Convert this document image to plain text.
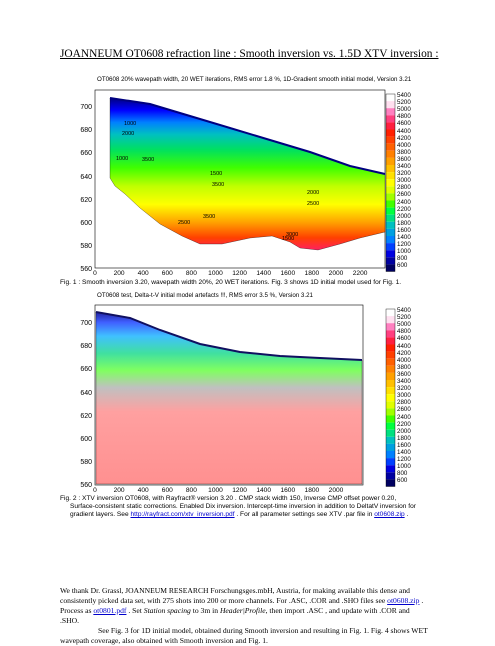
JOANNEUM OT0608 refraction line : Smooth inversion vs. 1.5D XTV inversion :
OT0608 20% wavepath width, 20 WET iterations, RMS error 1.8 %, 1D-Gradient smooth initial model, Version 3.21
700
680
660
640
620
600
580
560
0	200	400	600	800	1000	1200	1400	1600	1800	2000	2200
5400
5200
5000
4800
4600
4400
4200
4000
3800
3600
3400
3200
3000
2800
2600
2400
2200
2000
1800
1600
1400
1200
1000
800
600
1000
2000
1000
2500
3500
1500
3500
1500
2000
3500
2500
3000
Fig. 1 : Smooth inversion 3.20, wavepath width 20%, 20 WET iterations. Fig. 3 shows 1D initial model used for Fig. 1.
OT0608 test, Delta-t-V initial model artefacts !!!, RMS error 3.5 %, Version 3.21
700
680
660
640
620
600
580
560
0	200	400	600	800	1000	1200	1400	1600	1800	2000
5400
5200
5000
4800
4600
4400
4200
4000
3800
3600
3400
3200
3000
2800
2600
2400
2200
2000
1800
1600
1400
1200
1000
800
600
Fig. 2 : XTV inversion OT0608, with Rayfract® version 3.20 . CMP stack width 150, Inverse CMP offset power 0.20,
Surface-consistent static corrections. Enabled Dix inversion. Intercept-time inversion in addition to DeltatV inversion for
gradient layers. See http://rayfract.com/xtv_inversion.pdf . For all parameter settings see XTV .par file in ot0608.zip .
We thank Dr. Grassl, JOANNEUM RESEARCH Forschungsges.mbH, Austria, for making available this dense and
consistently picked data set, with 275 shots into 200 or more channels. For .ASC, .COR and .SHO files see ot0608.zip .
Process as ot0801.pdf . Set Station spacing to 3m in Header|Profile, then import .ASC , and update with .COR and
.SHO.
See Fig. 3 for 1D initial model, obtained during Smooth inversion and resulting in Fig. 1. Fig. 4 shows WET
wavepath coverage, also obtained with Smooth inversion and Fig. 1.
